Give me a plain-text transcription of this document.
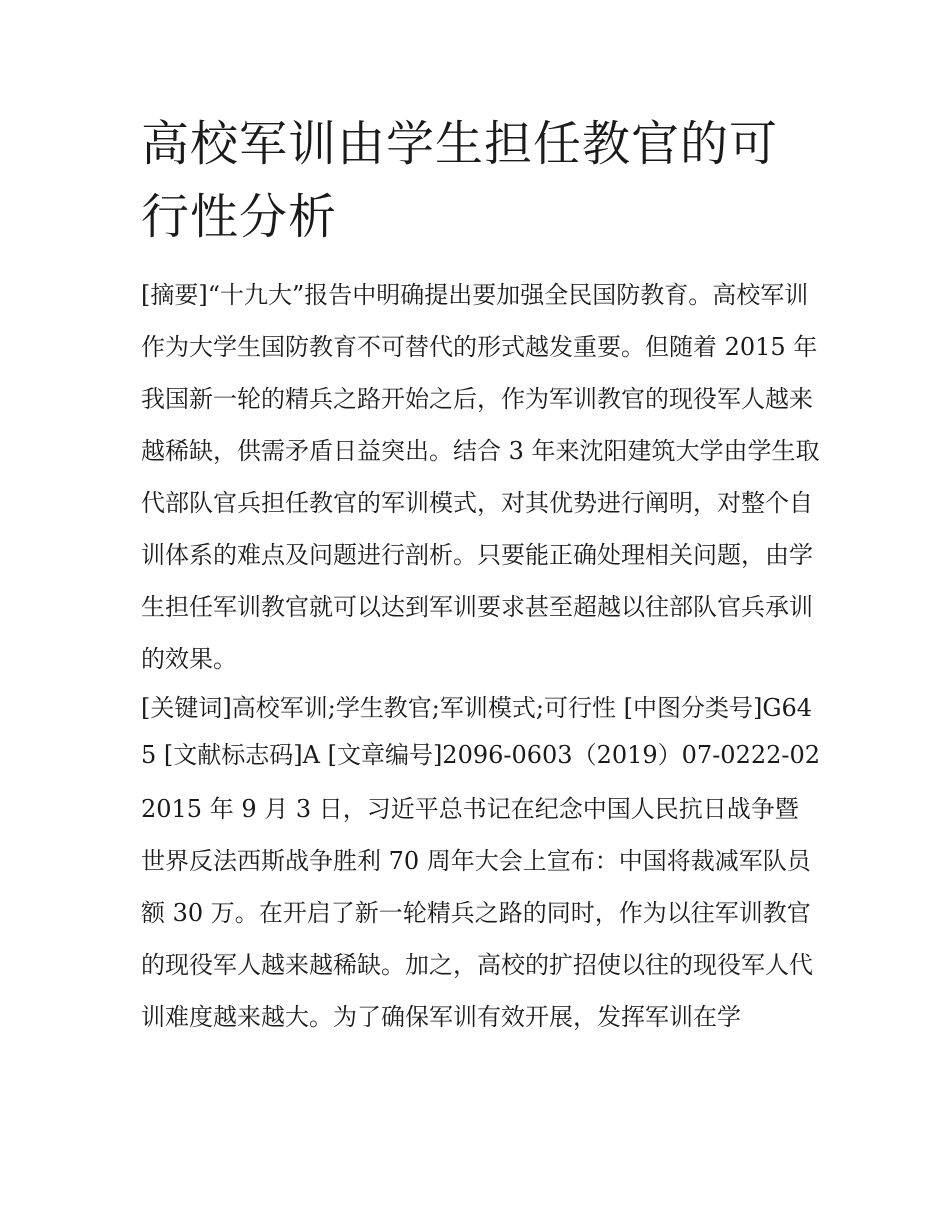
高校军训由学生担任教官的可行性分析

[摘要]“十九大”报告中明确提出要加强全民国防教育。高校军训作为大学生国防教育不可替代的形式越发重要。但随着 2015 年我国新一轮的精兵之路开始之后，作为军训教官的现役军人越来越稀缺，供需矛盾日益突出。结合 3 年来沈阳建筑大学由学生取代部队官兵担任教官的军训模式，对其优势进行阐明，对整个自训体系的难点及问题进行剖析。只要能正确处理相关问题，由学生担任军训教官就可以达到军训要求甚至超越以往部队官兵承训的效果。

[关键词]高校军训;学生教官;军训模式;可行性 [中图分类号]G645 [文献标志码]A [文章编号]2096-0603（2019）07-0222-02

2015 年 9 月 3 日，习近平总书记在纪念中国人民抗日战争暨世界反法西斯战争胜利 70 周年大会上宣布：中国将裁减军队员额 30 万。在开启了新一轮精兵之路的同时，作为以往军训教官的现役军人越来越稀缺。加之，高校的扩招使以往的现役军人代训难度越来越大。为了确保军训有效开展，发挥军训在学
